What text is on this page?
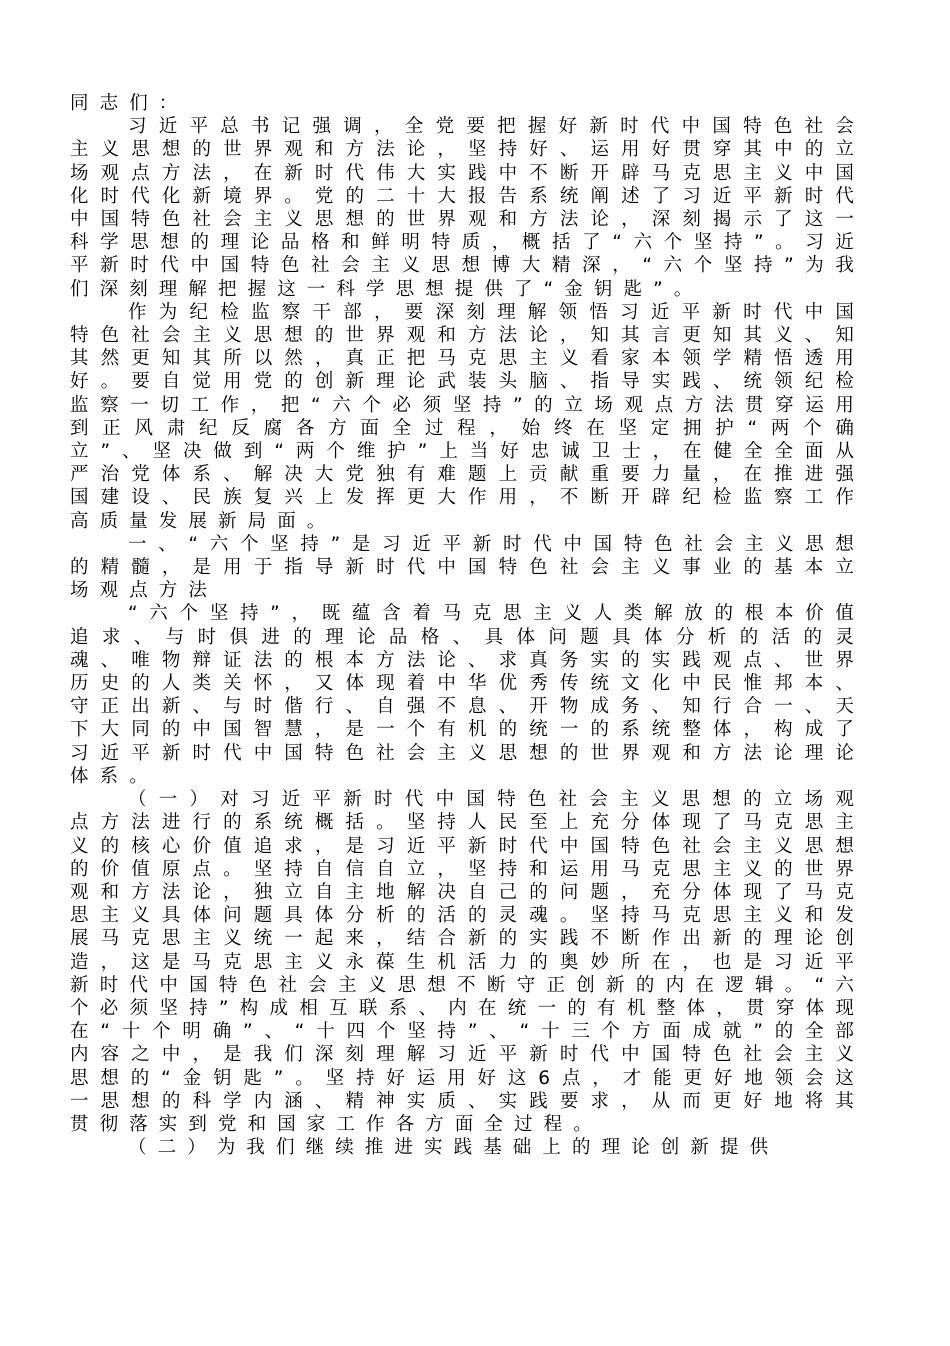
同志们：

习近平总书记强调，全党要把握好新时代中国特色社会主义思想的世界观和方法论，坚持好、运用好贯穿其中的立场观点方法，在新时代伟大实践中不断开辟马克思主义中国化时代化新境界。党的二十大报告系统阐述了习近平新时代中国特色社会主义思想的世界观和方法论，深刻揭示了这一科学思想的理论品格和鲜明特质，概括了“六个坚持”。习近平新时代中国特色社会主义思想博大精深，“六个坚持”为我们深刻理解把握这一科学思想提供了“金钥匙”。

作为纪检监察干部，要深刻理解领悟习近平新时代中国特色社会主义思想的世界观和方法论，知其言更知其义、知其然更知其所以然，真正把马克思主义看家本领学精悟透用好。要自觉用党的创新理论武装头脑、指导实践、统领纪检监察一切工作，把“六个必须坚持”的立场观点方法贯穿运用到正风肃纪反腐各方面全过程，始终在坚定拥护“两个确立”、坚决做到“两个维护”上当好忠诚卫士，在健全全面从严治党体系、解决大党独有难题上贡献重要力量，在推进强国建设、民族复兴上发挥更大作用，不断开辟纪检监察工作高质量发展新局面。

一、“六个坚持”是习近平新时代中国特色社会主义思想的精髓，是用于指导新时代中国特色社会主义事业的基本立场观点方法

“六个坚持”，既蕴含着马克思主义人类解放的根本价值追求、与时俱进的理论品格、具体问题具体分析的活的灵魂、唯物辩证法的根本方法论、求真务实的实践观点、世界历史的人类关怀，又体现着中华优秀传统文化中民惟邦本、守正出新、与时偕行、自强不息、开物成务、知行合一、天下大同的中国智慧，是一个有机的统一的系统整体，构成了习近平新时代中国特色社会主义思想的世界观和方法论理论体系。

（一）对习近平新时代中国特色社会主义思想的立场观点方法进行的系统概括。坚持人民至上充分体现了马克思主义的核心价值追求，是习近平新时代中国特色社会主义思想的价值原点。坚持自信自立，坚持和运用马克思主义的世界观和方法论，独立自主地解决自己的问题，充分体现了马克思主义具体问题具体分析的活的灵魂。坚持马克思主义和发展马克思主义统一起来，结合新的实践不断作出新的理论创造，这是马克思主义永葆生机活力的奥妙所在，也是习近平新时代中国特色社会主义思想不断守正创新的内在逻辑。“六个必须坚持”构成相互联系、内在统一的有机整体，贯穿体现在“十个明确”、“十四个坚持”、“十三个方面成就”的全部内容之中，是我们深刻理解习近平新时代中国特色社会主义思想的“金钥匙”。坚持好运用好这6点，才能更好地领会这一思想的科学内涵、精神实质、实践要求，从而更好地将其贯彻落实到党和国家工作各方面全过程。

（二）为我们继续推进实践基础上的理论创新提供
